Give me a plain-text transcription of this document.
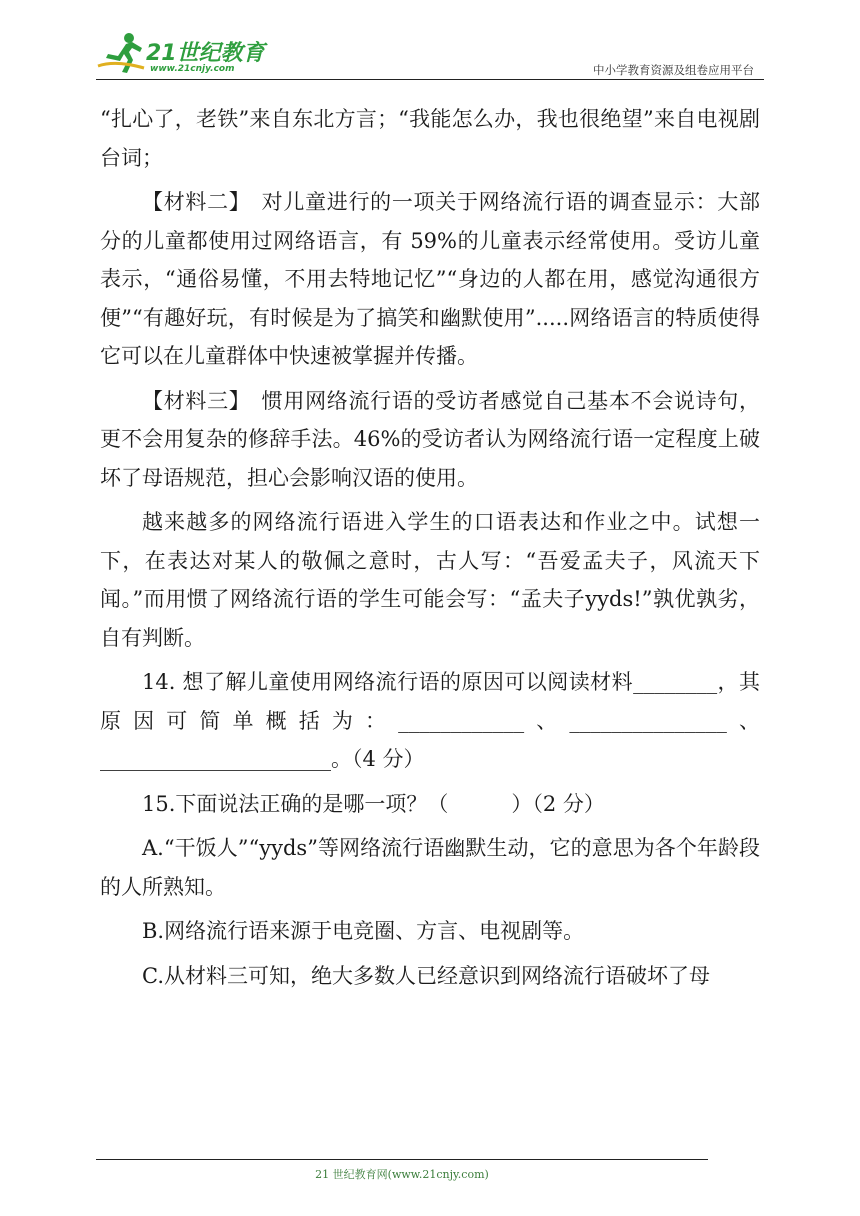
21世纪教育
www.21cnjy.com	中小学教育资源及组卷应用平台

“扎心了，老铁”来自东北方言；“我能怎么办，我也很绝望”来自电视剧台词；

【材料二】　对儿童进行的一项关于网络流行语的调查显示：大部分的儿童都使用过网络语言，有 59%的儿童表示经常使用。受访儿童表示，“通俗易懂，不用去特地记忆”“身边的人都在用，感觉沟通很方便”“有趣好玩，有时候是为了搞笑和幽默使用”.....网络语言的特质使得它可以在儿童群体中快速被掌握并传播。

【材料三】　惯用网络流行语的受访者感觉自己基本不会说诗句，更不会用复杂的修辞手法。46%的受访者认为网络流行语一定程度上破坏了母语规范，担心会影响汉语的使用。

越来越多的网络流行语进入学生的口语表达和作业之中。试想一下，在表达对某人的敬佩之意时，古人写：“吾爱孟夫子，风流天下闻。”而用惯了网络流行语的学生可能会写：“孟夫子yyds!”孰优孰劣，自有判断。

14. 想了解儿童使用网络流行语的原因可以阅读材料________，其原因可简单概括为：____________、_______________、______________________。（4 分）

15.下面说法正确的是哪一项？（　　　）（2 分）

A.“干饭人”“yyds”等网络流行语幽默生动，它的意思为各个年龄段的人所熟知。

B.网络流行语来源于电竞圈、方言、电视剧等。

C.从材料三可知，绝大多数人已经意识到网络流行语破坏了母

21 世纪教育网(www.21cnjy.com)
